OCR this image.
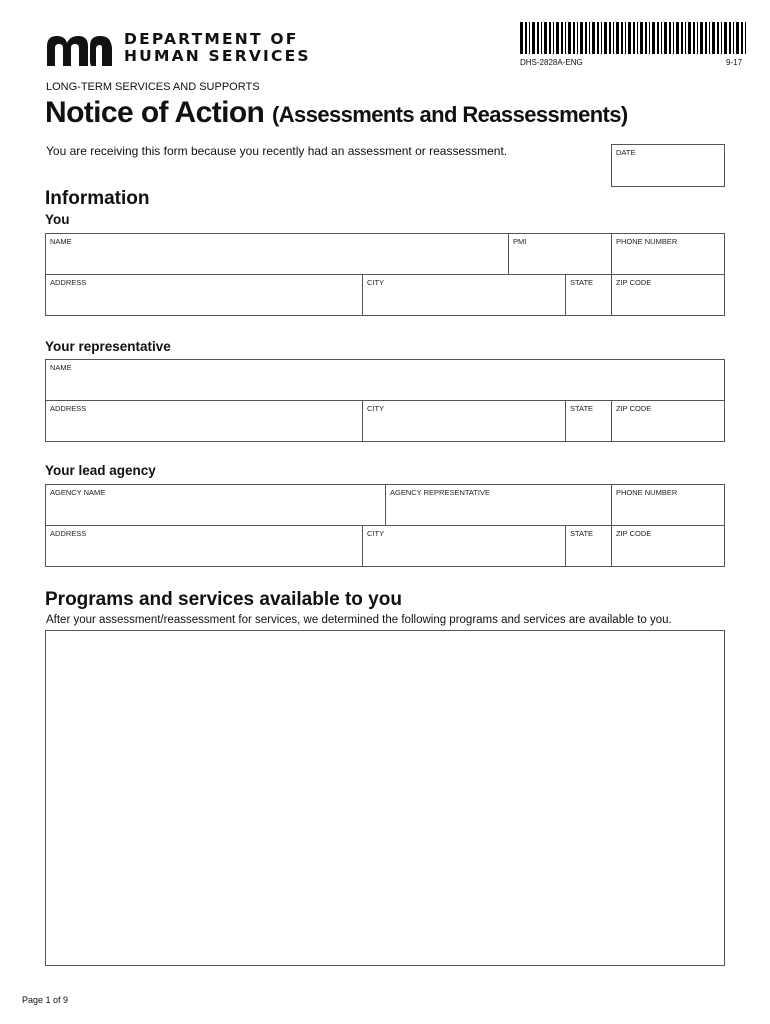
DEPARTMENT OF
HUMAN SERVICES	DHS-2828A-ENG	9-17
LONG-TERM SERVICES AND SUPPORTS
Notice of Action (Assessments and Reassessments)
You are receiving this form because you recently had an assessment or reassessment.	DATE
Information
You
NAME	PMI	PHONE NUMBER
ADDRESS	CITY	STATE	ZIP CODE
Your representative
NAME
ADDRESS	CITY	STATE	ZIP CODE
Your lead agency
AGENCY NAME	AGENCY REPRESENTATIVE	PHONE NUMBER
ADDRESS	CITY	STATE	ZIP CODE
Programs and services available to you
After your assessment/reassessment for services, we determined the following programs and services are available to you.
Page 1 of 9
